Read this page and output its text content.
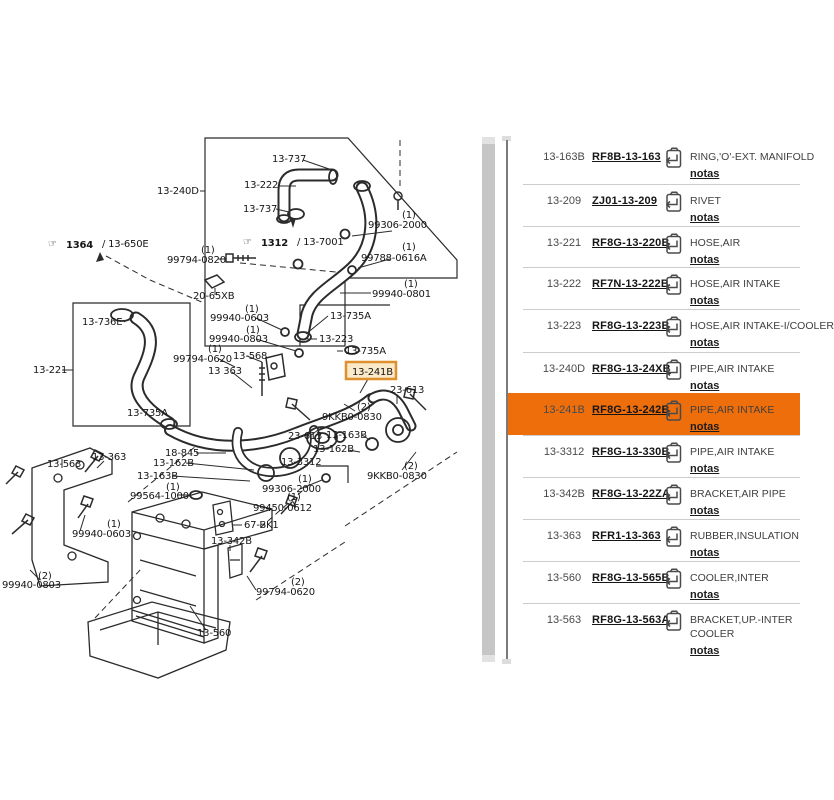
13-737
13-222
13-737
13-240D
99306-2000
(1)
☞ 1312 / 13-7001
99788-0616A
(1)
99794-0820
(1)
☞ 1364 / 13-650E
20-65XB	99940-0801
(1)
13-736E	99940-0603
(1)
99940-0803
(1)
13-735A
99794-0620
(1)
13-568
13-223
13 363
13-221
13-735A
13-241B
13-735A
23-613
9KKB0-0830
(2)
23-613 13-163B
13-162B
13-3312
9KKB0-0830
(2)
18-845
13-162B
13-163B
99564-1000
(1)	99306-2000
(1)
99450-0612
(1)
67-BK1
13-342B
13-563
13-363
99940-0603
(1)
99940-0803
(2)
99794-0620
(2)
13-560
13-163B RF8B-13-163	RING,'O'-EXT. MANIFOLD
notas
13-209 ZJ01-13-209	RIVET
notas
13-221 RF8G-13-220B HOSE,AIR
notas
13-222 RF7N-13-222B HOSE,AIR INTAKE
notas
13-223 RF8G-13-223B HOSE,AIR INTAKE-I/COOLER
notas
13-240D RF8G-13-24XB PIPE,AIR INTAKE
notas
13-241B RF8G-13-242B PIPE,AIR INTAKE
notas
13-3312 RF8G-13-330B PIPE,AIR INTAKE
notas
13-342B RF8G-13-22ZA BRACKET,AIR PIPE
notas
13-363 RFR1-13-363	RUBBER,INSULATION
notas
13-560 RF8G-13-565B COOLER,INTER
notas
13-563 RF8G-13-563A BRACKET,UP.-INTER
COOLER
notas
